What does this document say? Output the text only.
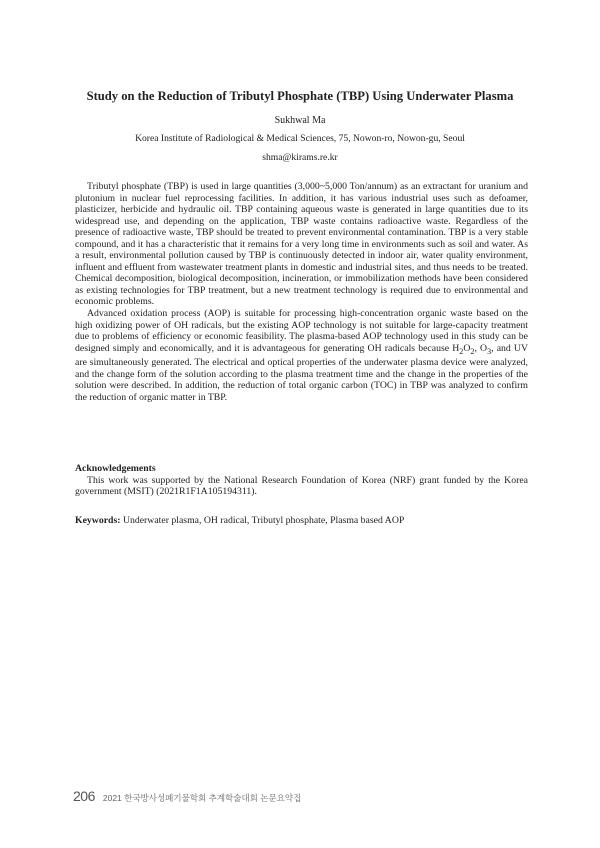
Study on the Reduction of Tributyl Phosphate (TBP) Using Underwater Plasma
Sukhwal Ma
Korea Institute of Radiological & Medical Sciences, 75, Nowon-ro, Nowon-gu, Seoul
shma@kirams.re.kr

Tributyl phosphate (TBP) is used in large quantities (3,000~5,000 Ton/annum) as an extractant for uranium and plutonium in nuclear fuel reprocessing facilities. In addition, it has various industrial uses such as defoamer, plasticizer, herbicide and hydraulic oil. TBP containing aqueous waste is generated in large quantities due to its widespread use, and depending on the application, TBP waste contains radioactive waste. Regardless of the presence of radioactive waste, TBP should be treated to prevent environmental contamination. TBP is a very stable compound, and it has a characteristic that it remains for a very long time in environments such as soil and water. As a result, environmental pollution caused by TBP is continuously detected in indoor air, water quality environment, influent and effluent from wastewater treatment plants in domestic and industrial sites, and thus needs to be treated. Chemical decomposition, biological decomposition, incineration, or immobilization methods have been considered as existing technologies for TBP treatment, but a new treatment technology is required due to environmental and economic problems.

Advanced oxidation process (AOP) is suitable for processing high-concentration organic waste based on the high oxidizing power of OH radicals, but the existing AOP technology is not suitable for large-capacity treatment due to problems of efficiency or economic feasibility. The plasma-based AOP technology used in this study can be designed simply and economically, and it is advantageous for generating OH radicals because $H_2O_2$, $O_3$, and UV are simultaneously generated. The electrical and optical properties of the underwater plasma device were analyzed, and the change form of the solution according to the plasma treatment time and the change in the properties of the solution were described. In addition, the reduction of total organic carbon (TOC) in TBP was analyzed to confirm the reduction of organic matter in TBP.

Acknowledgements

This work was supported by the National Research Foundation of Korea (NRF) grant funded by the Korea government (MSIT) (2021R1F1A105194311).

Keywords: Underwater plasma, OH radical, Tributyl phosphate, Plasma based AOP
206 2021 한국방사성폐기물학회 추계학술대회 논문요약집
